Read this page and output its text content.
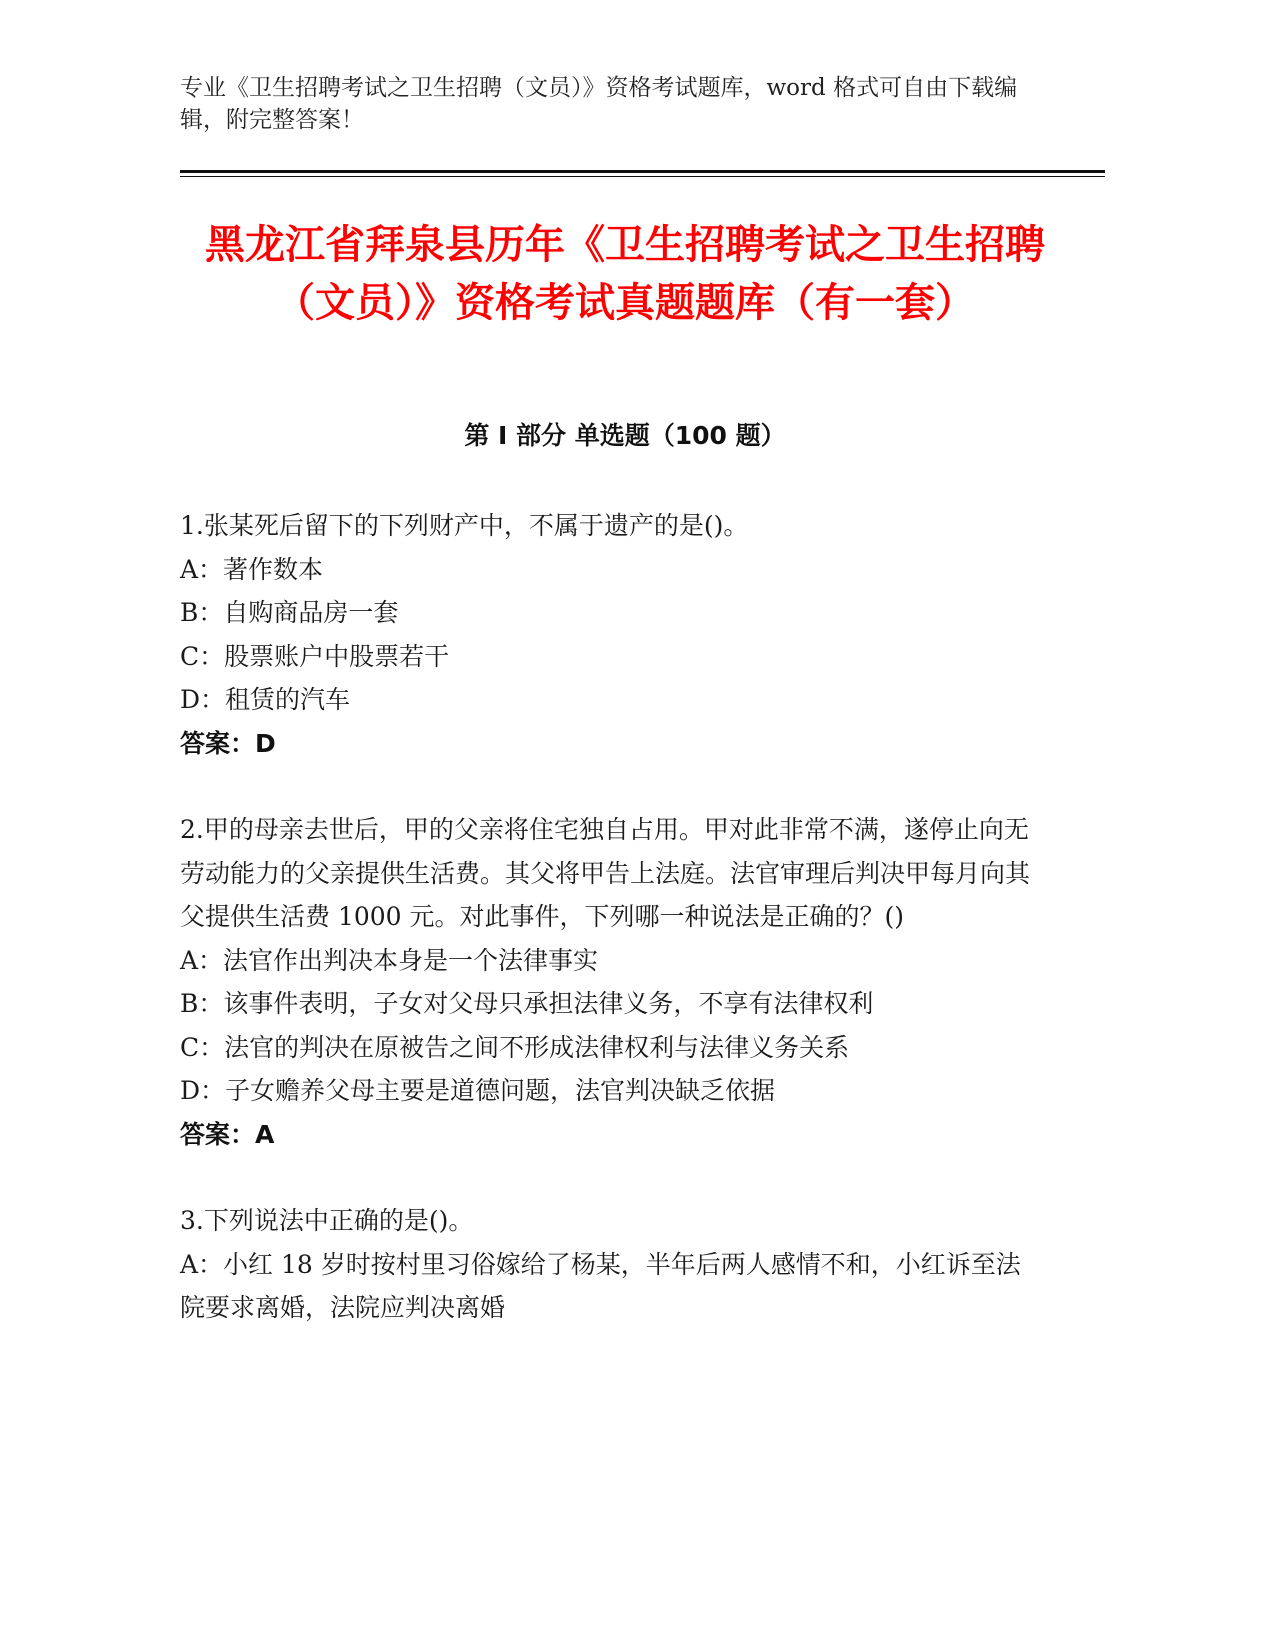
专业《卫生招聘考试之卫生招聘（文员）》资格考试题库，word 格式可自由下载编辑，附完整答案！
黑龙江省拜泉县历年《卫生招聘考试之卫生招聘（文员）》资格考试真题题库（有一套）
第 I 部分 单选题（100 题）

1.张某死后留下的下列财产中，不属于遗产的是()。

A：著作数本

B：自购商品房一套

C：股票账户中股票若干

D：租赁的汽车

答案：D

2.甲的母亲去世后，甲的父亲将住宅独自占用。甲对此非常不满，遂停止向无劳动能力的父亲提供生活费。其父将甲告上法庭。法官审理后判决甲每月向其父提供生活费 1000 元。对此事件，下列哪一种说法是正确的？()

A：法官作出判决本身是一个法律事实

B：该事件表明，子女对父母只承担法律义务，不享有法律权利

C：法官的判决在原被告之间不形成法律权利与法律义务关系

D：子女赡养父母主要是道德问题，法官判决缺乏依据

答案：A

3.下列说法中正确的是()。

A：小红 18 岁时按村里习俗嫁给了杨某，半年后两人感情不和，小红诉至法院要求离婚，法院应判决离婚
